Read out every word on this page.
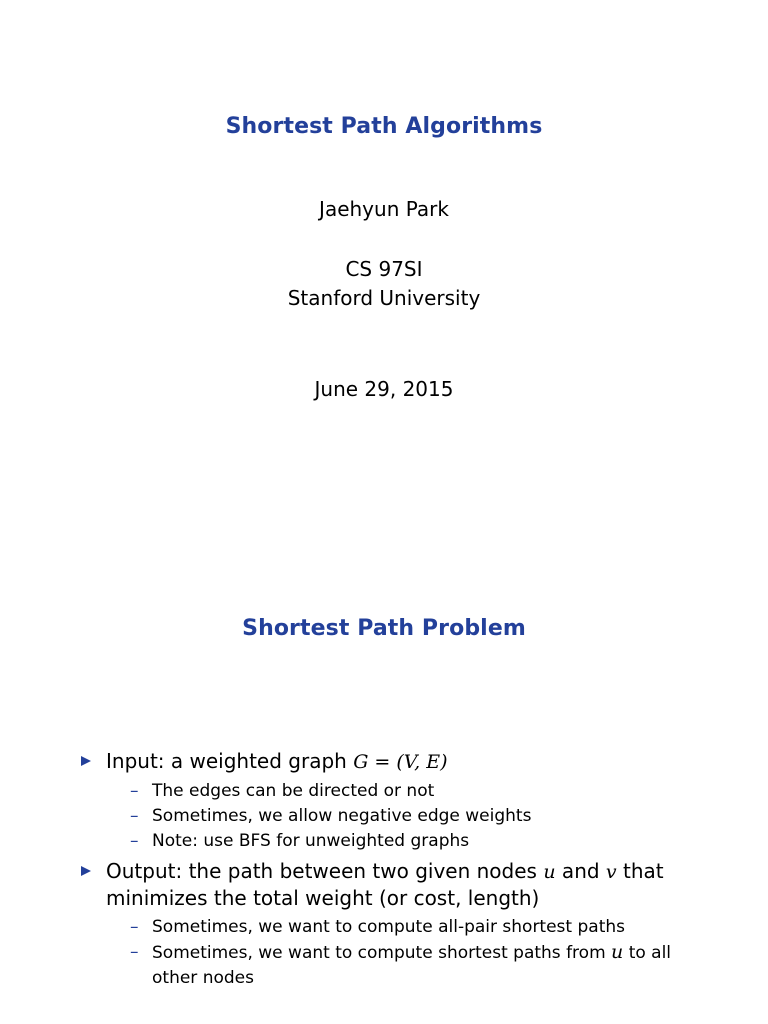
Shortest Path Algorithms
Jaehyun Park
CS 97SI
Stanford University
June 29, 2015
Shortest Path Problem
Input: a weighted graph G = (V, E)
– The edges can be directed or not
– Sometimes, we allow negative edge weights
– Note: use BFS for unweighted graphs
Output: the path between two given nodes u and v that minimizes the total weight (or cost, length)
– Sometimes, we want to compute all-pair shortest paths
– Sometimes, we want to compute shortest paths from u to all other nodes
